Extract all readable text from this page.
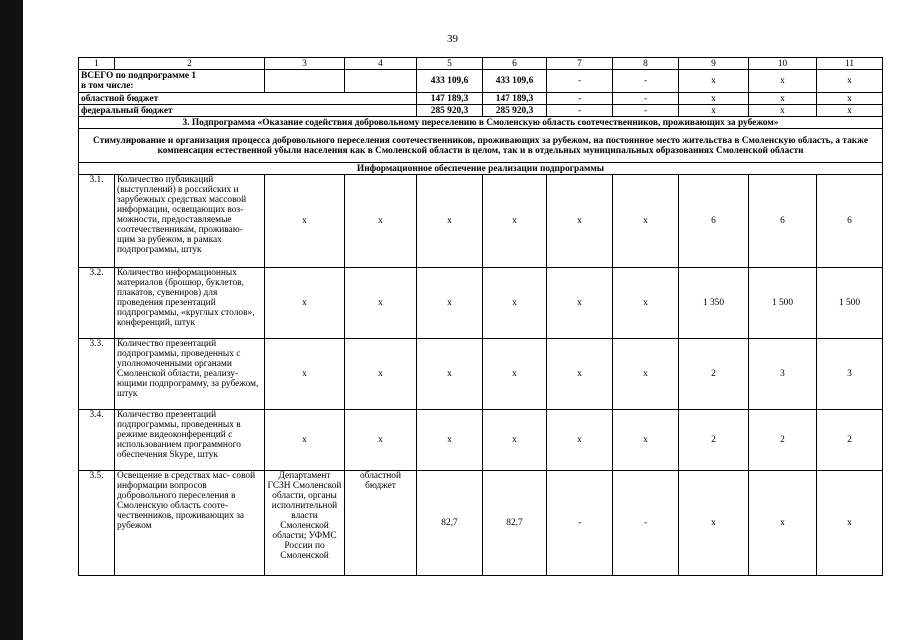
39
1	2	3	4	5	6	7	8	9	10	11

ВСЕГО по подпрограмме 1
в том числе:				433 109,6	433 109,6	-	-	x	x	x
областной бюджет				147 189,3	147 189,3	-	-	x	x	x
федеральный бюджет				285 920,3	285 920,3	-	-	x	x	x
3. Подпрограмма «Оказание содействия добровольному переселению в Смоленскую область соотечественников, проживающих за рубежом»										
Стимулирование и организация процесса добровольного переселения соотечественников, проживающих за рубежом, на постоянное место жительства в Смоленскую область, а также компенсация естественной убыли населения как в Смоленской области в целом, так и в отдельных муниципальных образованиях Смоленской области										
Информационное обеспечение реализации подпрограммы										
3.1.	Количество публикаций (выступлений) в российских и зарубежных средствах массовой информации, освещающих воз- можности, предоставляемые соотечественникам, проживаю- щим за рубежом, в рамках подпрограммы, штук	x	x	x	x	x	x	6	6	6
3.2.	Количество информационных материалов (брошюр, буклетов, плакатов, сувениров) для проведения презентаций подпрограммы, «круглых столов», конференций, штук	x	x	x	x	x	x	1 350	1 500	1 500
3.3.	Количество презентаций подпрограммы, проведенных с уполномоченными органами Смоленской области, реализу- ющими подпрограмму, за рубежом, штук	x	x	x	x	x	x	2	3	3
3.4.	Количество презентаций подпрограммы, проведенных в режиме видеоконференций с использованием программного обеспечения Skype, штук	x	x	x	x	x	x	2	2	2
3.5.	Освещение в средствах мас- совой информации вопросов добровольного переселения в Смоленскую область сооте- чественников, проживающих за рубежом	Департамент ГСЗН Смоленской области, органы исполнительной власти Смоленской области; УФМС России по Смоленской	областной бюджет	82,7	82,7	-	-	x	x	x
